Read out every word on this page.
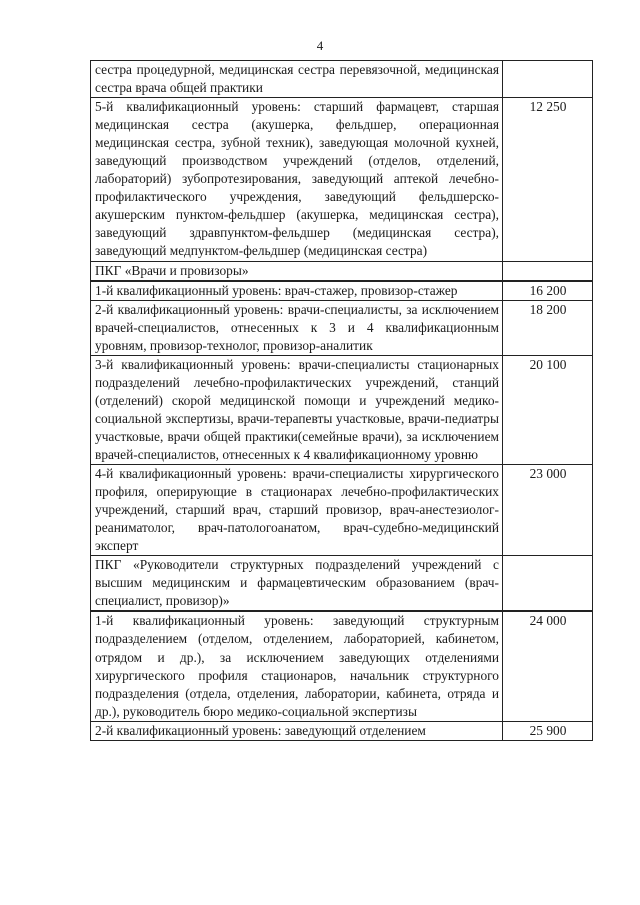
4
сестра процедурной, медицинская сестра перевязочной, медицинская сестра врача общей практики	
5-й квалификационный уровень: старший фармацевт, старшая медицинская сестра (акушерка, фельдшер, операционная медицинская сестра, зубной техник), заведующая молочной кухней, заведующий производством учреждений (отделов, отделений, лабораторий) зубопротезирования, заведующий аптекой лечебно-профилактического учреждения, заведующий фельдшерско-акушерским пунктом-фельдшер (акушерка, медицинская сестра), заведующий здравпунктом-фельдшер (медицинская сестра), заведующий медпунктом-фельдшер (медицинская сестра)	12 250
ПКГ «Врачи и провизоры»	
1-й квалификационный уровень: врач-стажер, провизор-стажер	16 200
2-й квалификационный уровень: врачи-специалисты, за исключением врачей-специалистов, отнесенных к 3 и 4 квалификационным уровням, провизор-технолог, провизор-аналитик	18 200
3-й квалификационный уровень: врачи-специалисты стационарных подразделений лечебно-профилактических учреждений, станций (отделений) скорой медицинской помощи и учреждений медико-социальной экспертизы, врачи-терапевты участковые, врачи-педиатры участковые, врачи общей практики(семейные врачи), за исключением врачей-специалистов, отнесенных к 4 квалификационному уровню	20 100
4-й квалификационный уровень: врачи-специалисты хирургического профиля, оперирующие в стационарах лечебно-профилактических учреждений, старший врач, старший провизор, врач-анестезиолог-реаниматолог, врач-патологоанатом, врач-судебно-медицинский эксперт	23 000
ПКГ «Руководители структурных подразделений учреждений с высшим медицинским и фармацевтическим образованием (врач-специалист, провизор)»	
1-й квалификационный уровень: заведующий структурным подразделением (отделом, отделением, лабораторией, кабинетом, отрядом и др.), за исключением заведующих отделениями хирургического профиля стационаров, начальник структурного подразделения (отдела, отделения, лаборатории, кабинета, отряда и др.), руководитель бюро медико-социальной экспертизы	24 000
2-й квалификационный уровень: заведующий отделением	25 900
